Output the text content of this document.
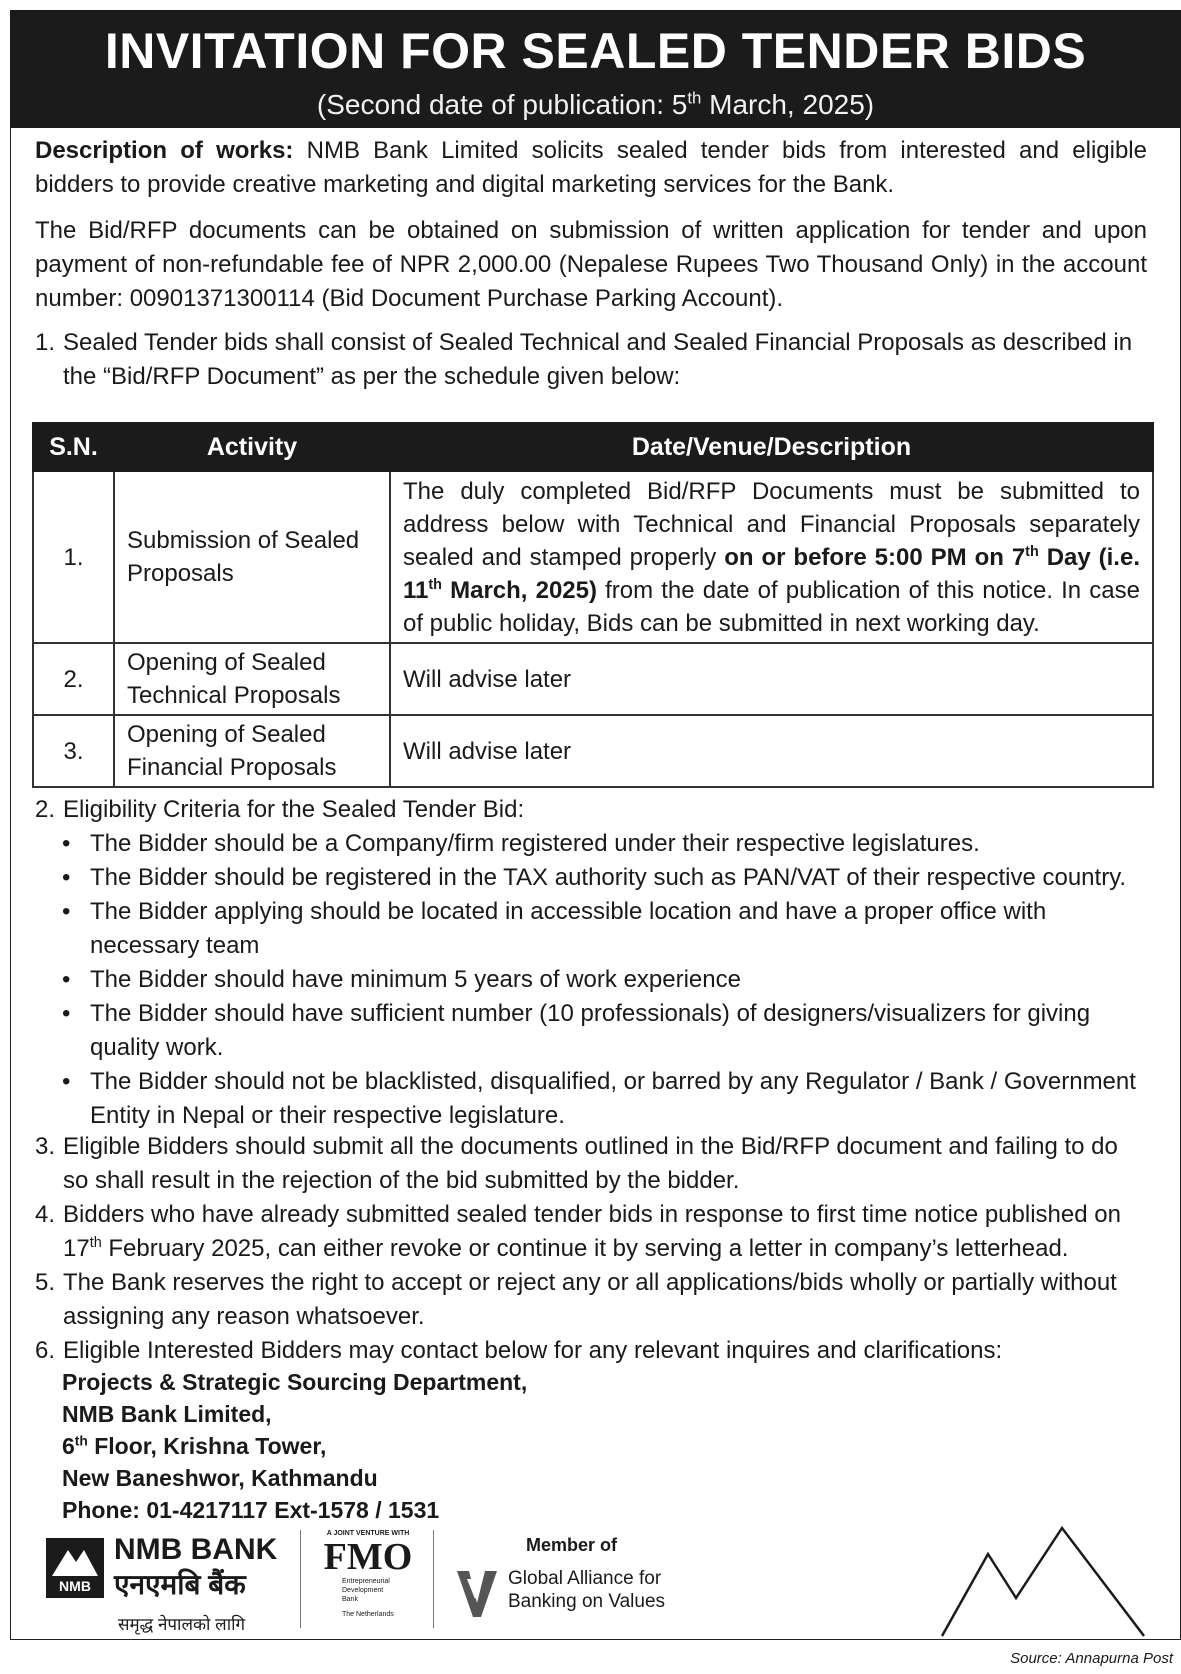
INVITATION FOR SEALED TENDER BIDS
(Second date of publication: 5th March, 2025)
Description of works: NMB Bank Limited solicits sealed tender bids from interested and eligible bidders to provide creative marketing and digital marketing services for the Bank.
The Bid/RFP documents can be obtained on submission of written application for tender and upon payment of non-refundable fee of NPR 2,000.00 (Nepalese Rupees Two Thousand Only) in the account number: 00901371300114 (Bid Document Purchase Parking Account).
1. Sealed Tender bids shall consist of Sealed Technical and Sealed Financial Proposals as described in the “Bid/RFP Document” as per the schedule given below:
S.N.	Activity	Date/Venue/Description
1.	Submission of Sealed Proposals	The duly completed Bid/RFP Documents must be submitted to address below with Technical and Financial Proposals separately sealed and stamped properly on or before 5:00 PM on 7th Day (i.e. 11th March, 2025) from the date of publication of this notice. In case of public holiday, Bids can be submitted in next working day.
2.	Opening of Sealed Technical Proposals	Will advise later
3.	Opening of Sealed Financial Proposals	Will advise later
2. Eligibility Criteria for the Sealed Tender Bid:
• The Bidder should be a Company/firm registered under their respective legislatures.
• The Bidder should be registered in the TAX authority such as PAN/VAT of their respective country.
• The Bidder applying should be located in accessible location and have a proper office with necessary team
• The Bidder should have minimum 5 years of work experience
• The Bidder should have sufficient number (10 professionals) of designers/visualizers for giving quality work.
• The Bidder should not be blacklisted, disqualified, or barred by any Regulator / Bank / Government Entity in Nepal or their respective legislature.
3. Eligible Bidders should submit all the documents outlined in the Bid/RFP document and failing to do so shall result in the rejection of the bid submitted by the bidder.
4. Bidders who have already submitted sealed tender bids in response to first time notice published on 17th February 2025, can either revoke or continue it by serving a letter in company’s letterhead.
5. The Bank reserves the right to accept or reject any or all applications/bids wholly or partially without assigning any reason whatsoever.
6. Eligible Interested Bidders may contact below for any relevant inquires and clarifications:
Projects & Strategic Sourcing Department,
NMB Bank Limited,
6th Floor, Krishna Tower,
New Baneshwor, Kathmandu
Phone: 01-4217117 Ext-1578 / 1531
NMB
NMB BANK
एनएमबि बैंक
समृद्ध नेपालको लागि
A JOINT VENTURE WITH
FMO
Entrepreneurial
Development
Bank
The Netherlands
Member of
Global Alliance for
Banking on Values
Source: Annapurna Post
